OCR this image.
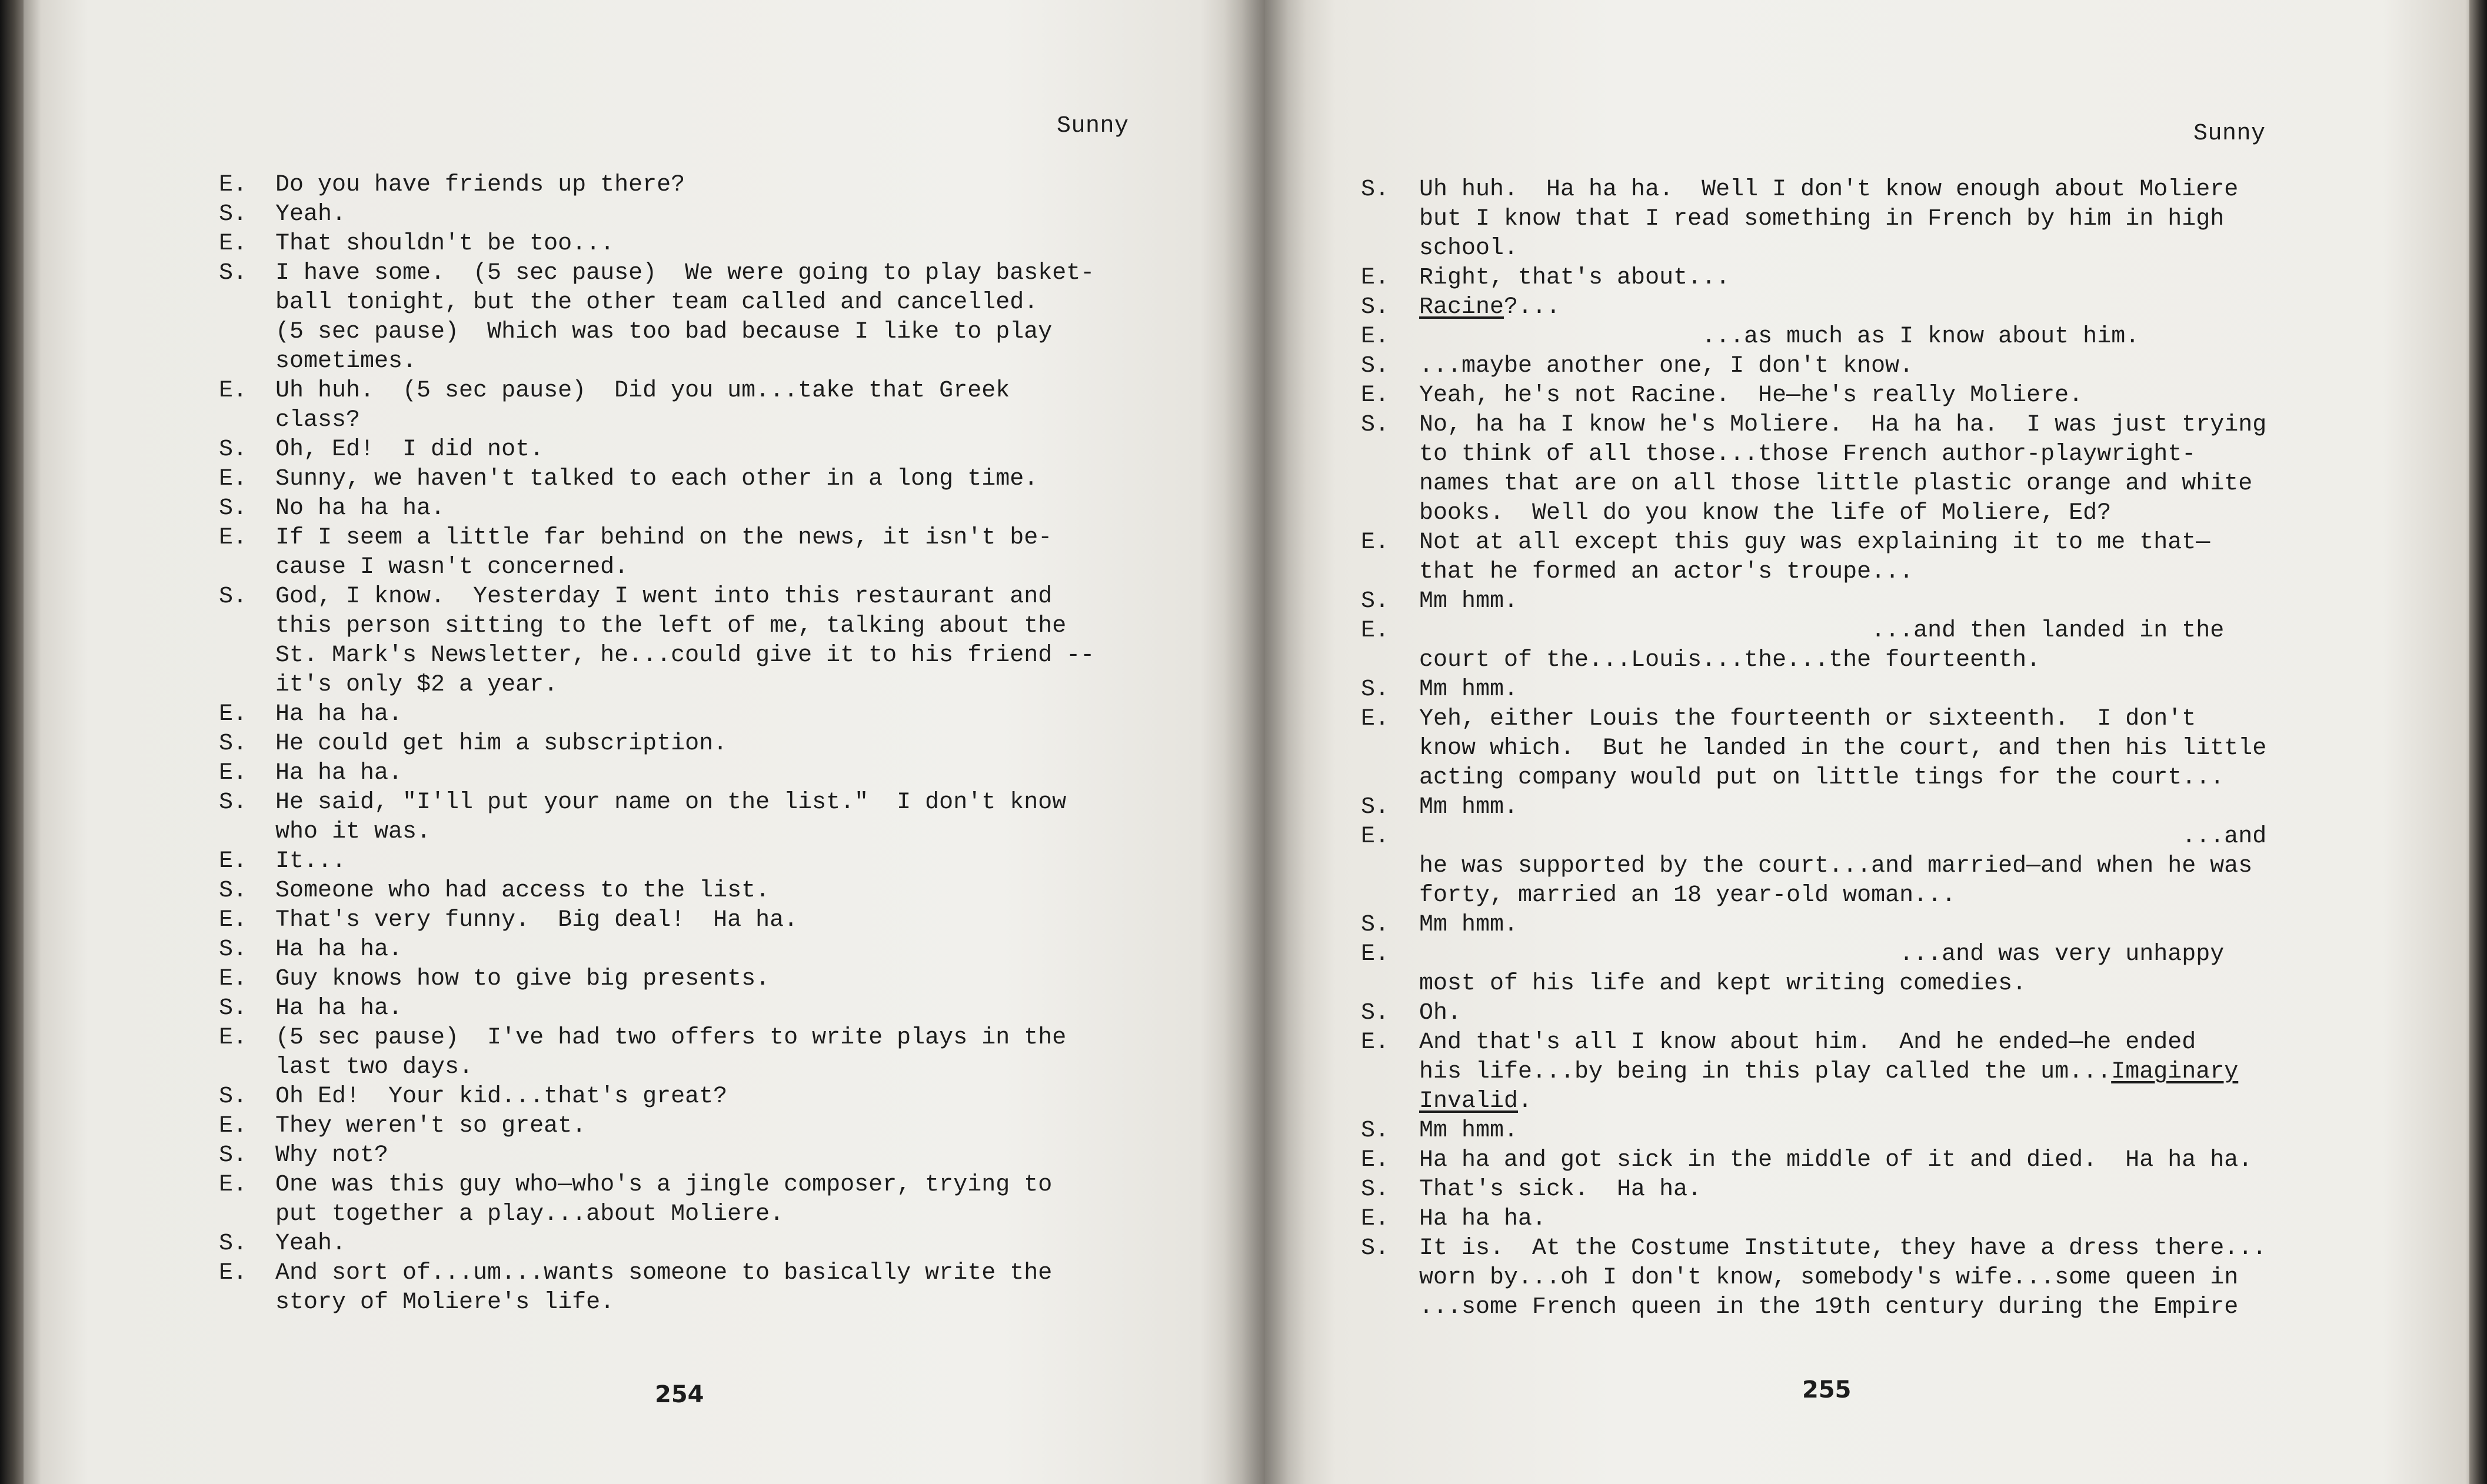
Sunny
E. Do you have friends up there?
S. Yeah.
E. That shouldn't be too...
S. I have some.  (5 sec pause)  We were going to play basket-
ball tonight, but the other team called and cancelled.
(5 sec pause)  Which was too bad because I like to play
sometimes.
E. Uh huh.  (5 sec pause)  Did you um...take that Greek
class?
S. Oh, Ed!  I did not.
E. Sunny, we haven't talked to each other in a long time.
S. No ha ha ha.
E. If I seem a little far behind on the news, it isn't be-
cause I wasn't concerned.
S. God, I know.  Yesterday I went into this restaurant and
this person sitting to the left of me, talking about the
St. Mark's Newsletter, he...could give it to his friend --
it's only $2 a year.
E. Ha ha ha.
S. He could get him a subscription.
E. Ha ha ha.
S. He said, "I'll put your name on the list."  I don't know
who it was.
E. It...
S. Someone who had access to the list.
E. That's very funny.  Big deal!  Ha ha.
S. Ha ha ha.
E. Guy knows how to give big presents.
S. Ha ha ha.
E. (5 sec pause)  I've had two offers to write plays in the
last two days.
S. Oh Ed!  Your kid...that's great?
E. They weren't so great.
S. Why not?
E. One was this guy who—who's a jingle composer, trying to
put together a play...about Moliere.
S. Yeah.
E. And sort of...um...wants someone to basically write the
story of Moliere's life.
254
Sunny
S. Uh huh.  Ha ha ha.  Well I don't know enough about Moliere
but I know that I read something in French by him in high
school.
E. Right, that's about...
S. Racine?...
E. ...as much as I know about him.
S. ...maybe another one, I don't know.
E. Yeah, he's not Racine.  He—he's really Moliere.
S. No, ha ha I know he's Moliere.  Ha ha ha.  I was just trying
to think of all those...those French author-playwright-
names that are on all those little plastic orange and white
books.  Well do you know the life of Moliere, Ed?
E. Not at all except this guy was explaining it to me that—
that he formed an actor's troupe...
S. Mm hmm.
E. ...and then landed in the
court of the...Louis...the...the fourteenth.
S. Mm hmm.
E. Yeh, either Louis the fourteenth or sixteenth.  I don't
know which.  But he landed in the court, and then his little
acting company would put on little tings for the court...
S. Mm hmm.
E. ...and
he was supported by the court...and married—and when he was
forty, married an 18 year-old woman...
S. Mm hmm.
E. ...and was very unhappy
most of his life and kept writing comedies.
S. Oh.
E. And that's all I know about him.  And he ended—he ended
his life...by being in this play called the um...Imaginary
Invalid.
S. Mm hmm.
E. Ha ha and got sick in the middle of it and died.  Ha ha ha.
S. That's sick.  Ha ha.
E. Ha ha ha.
S. It is.  At the Costume Institute, they have a dress there...
worn by...oh I don't know, somebody's wife...some queen in
...some French queen in the 19th century during the Empire
255
